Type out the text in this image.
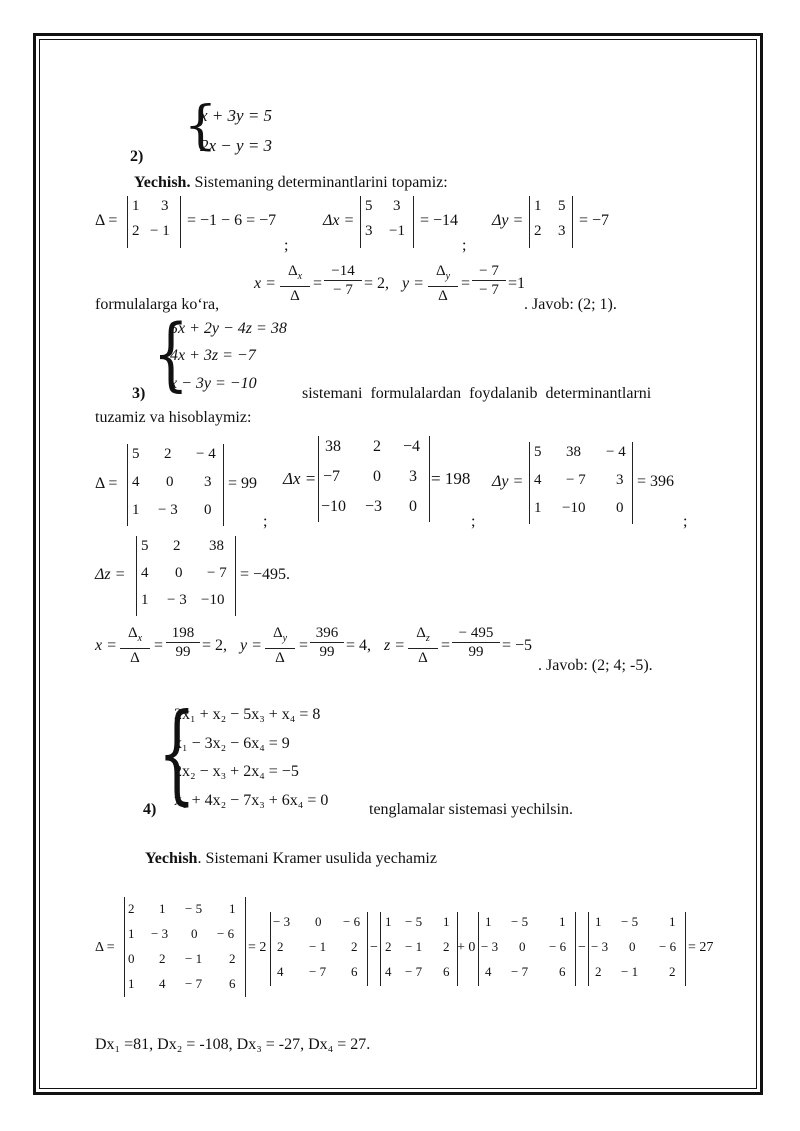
{
x + 3y = 5
2x − y = 3
2)
Yechish. Sistemaning determinantlarini topamiz:
Δ =
1 3
2 − 1
= −1 − 6 = −7
;
Δx =
5 3
3 −1
= −14
;
Δy =
1 5
2 3
= −7
$x = \frac{\Delta_x}{\Delta} = \frac{-14}{- 7} = 2$, $y = \frac{\Delta_y}{\Delta} = \frac{- 7}{- 7} =1$
formulalarga ko‘ra,	. Javob: (2; 1).
{
5x + 2y − 4z = 38
4x + 3z = −7
x − 3y = −10
3)	sistemani formulalardan foydalanib determinantlarni
tuzamiz va hisoblaymiz:
Δ =
5 2 − 4
4 0 3
1 − 3 0
= 99
;
Δx =
38 2 −4
−7 0 3
−10 −3 0
= 198
;
Δy =
5 38 − 4
4 − 7 3
1 −10 0
= 396
;
Δz =
5 2 38
4 0 − 7
1 − 3 −10
= −495.
$x = \frac{\Delta_x}{\Delta} = \frac{198}{99} = 2$, $y = \frac{\Delta_y}{\Delta} = \frac{396}{99} = 4$, $z = \frac{\Delta_z}{\Delta} = \frac{- 495}{99} = -5$
. Javob: (2; 4; -5).
{
2x₁ + x₂ − 5x₃ + x₄ = 8
x₁ − 3x₂ − 6x₄ = 9
2x₂ − x₃ + 2x₄ = −5
x₁ + 4x₂ − 7x₃ + 6x₄ = 0
4)	tenglamalar sistemasi yechilsin.
Yechish. Sistemani Kramer usulida yechamiz
Δ =
2 1 − 5 1
1 − 3 0 − 6
0 2 − 1 2
1 4 − 7 6
= 2
− 3 0 − 6
2 − 1 2
4 − 7 6
−
1 − 5 1
2 − 1 2
4 − 7 6
+ 0
1 − 5 1
− 3 0 − 6
4 − 7 6
−
1 − 5 1
− 3 0 − 6
2 − 1 2
= 27
Dx₁ =81, Dx₂ = -108, Dx₃ = -27, Dx₄ = 27.
